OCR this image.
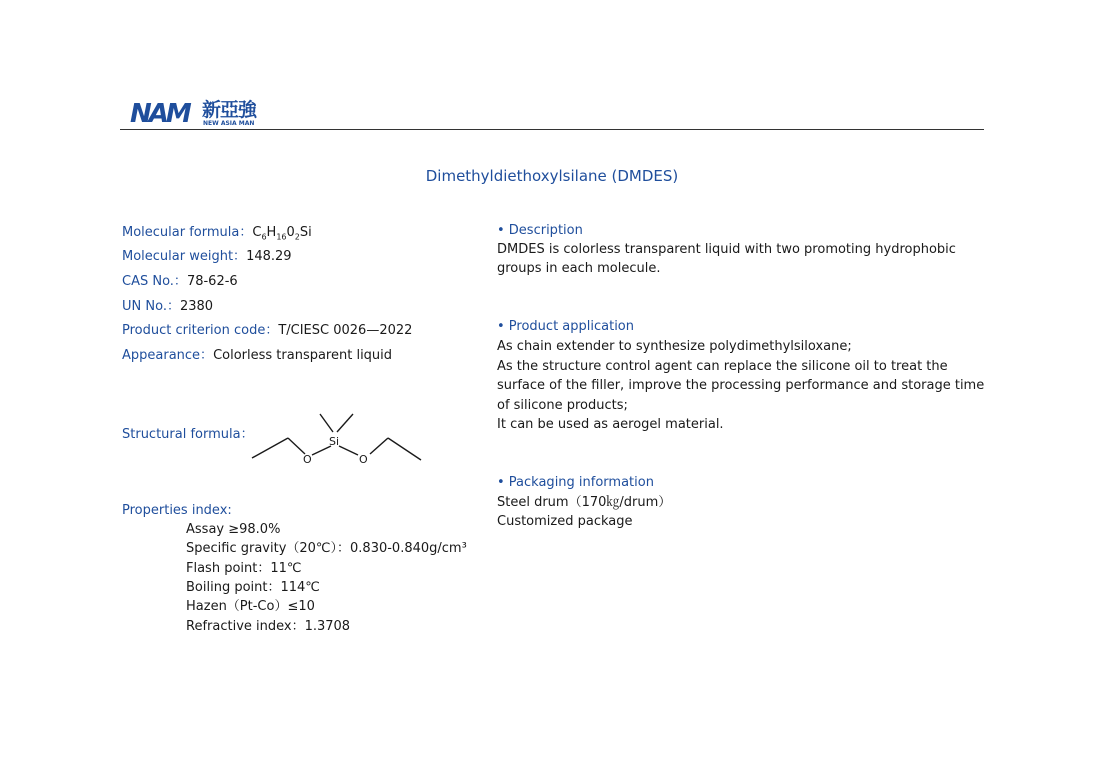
NAM 新亞強
NEW ASIA MAN
Dimethyldiethoxylsilane (DMDES)
Molecular formula：$C_6H_{16}0_2Si$
Molecular weight：148.29
CAS No.：78-62-6
UN No.：2380
Product criterion code：T/CIESC 0026—2022
Appearance：Colorless transparent liquid
Structural formula：	Si
O	O
Properties index:
Assay ≥98.0%
Specific gravity（20℃）：0.830-0.840g/cm³
Flash point：11℃
Boiling point：114℃
Hazen（Pt-Co）≤10
Refractive index：1.3708
• Description
DMDES is colorless transparent liquid with two promoting hydrophobic
groups in each molecule.
• Product application
As chain extender to synthesize polydimethylsiloxane;
As the structure control agent can replace the silicone oil to treat the
surface of the filler, improve the processing performance and storage time
of silicone products;
It can be used as aerogel material.
• Packaging information
Steel drum（170㎏/drum）
Customized package
